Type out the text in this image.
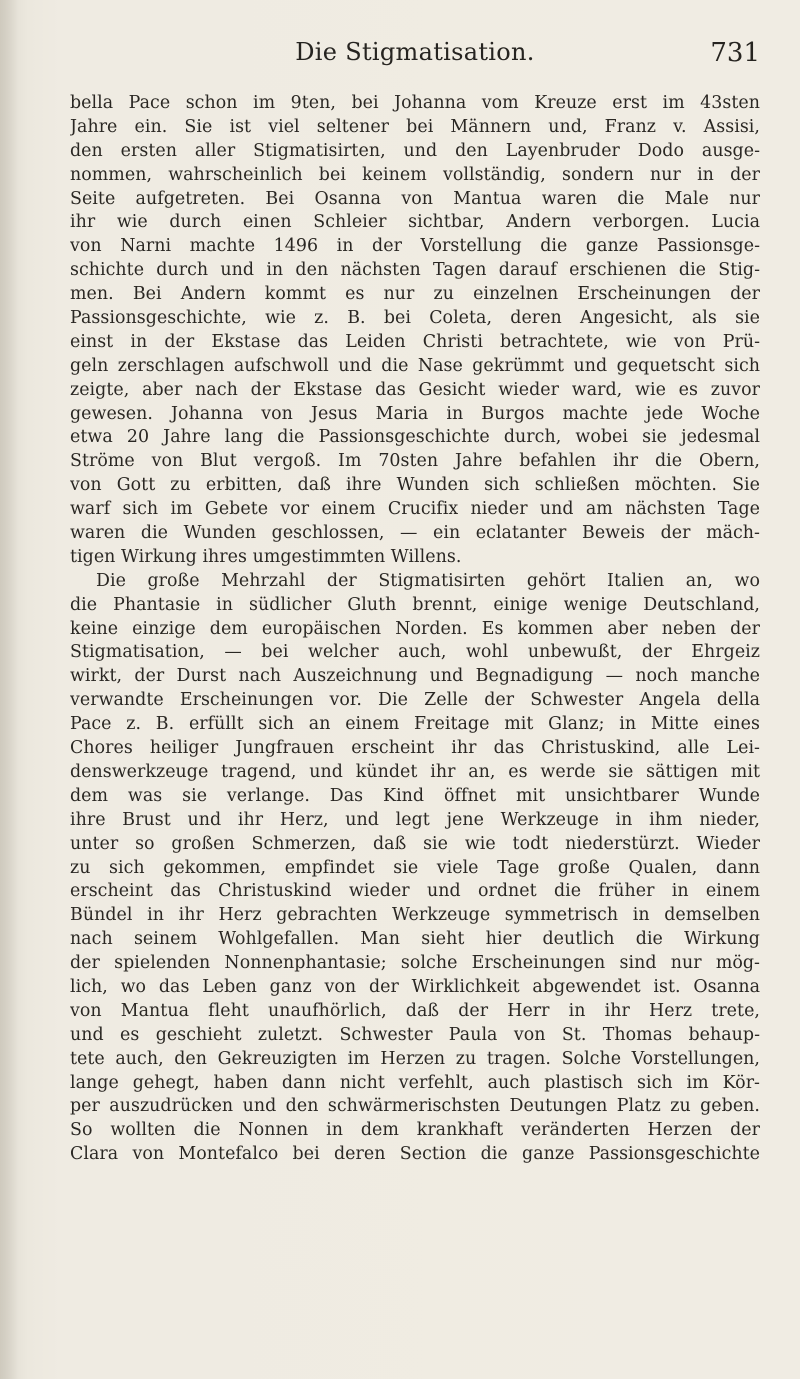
Die Stigmatisation.	731
bella Pace schon im 9ten, bei Johanna vom Kreuze erst im 43sten
Jahre ein. Sie ist viel seltener bei Männern und, Franz v. Assisi,
den ersten aller Stigmatisirten, und den Layenbruder Dodo ausge-
nommen, wahrscheinlich bei keinem vollständig, sondern nur in der
Seite aufgetreten. Bei Osanna von Mantua waren die Male nur
ihr wie durch einen Schleier sichtbar, Andern verborgen. Lucia
von Narni machte 1496 in der Vorstellung die ganze Passionsge-
schichte durch und in den nächsten Tagen darauf erschienen die Stig-
men. Bei Andern kommt es nur zu einzelnen Erscheinungen der
Passionsgeschichte, wie z. B. bei Coleta, deren Angesicht, als sie
einst in der Ekstase das Leiden Christi betrachtete, wie von Prü-
geln zerschlagen aufschwoll und die Nase gekrümmt und gequetscht sich
zeigte, aber nach der Ekstase das Gesicht wieder ward, wie es zuvor
gewesen. Johanna von Jesus Maria in Burgos machte jede Woche
etwa 20 Jahre lang die Passionsgeschichte durch, wobei sie jedesmal
Ströme von Blut vergoß. Im 70sten Jahre befahlen ihr die Obern,
von Gott zu erbitten, daß ihre Wunden sich schließen möchten. Sie
warf sich im Gebete vor einem Crucifix nieder und am nächsten Tage
waren die Wunden geschlossen, — ein eclatanter Beweis der mäch-
tigen Wirkung ihres umgestimmten Willens.
Die große Mehrzahl der Stigmatisirten gehört Italien an, wo
die Phantasie in südlicher Gluth brennt, einige wenige Deutschland,
keine einzige dem europäischen Norden. Es kommen aber neben der
Stigmatisation, — bei welcher auch, wohl unbewußt, der Ehrgeiz
wirkt, der Durst nach Auszeichnung und Begnadigung — noch manche
verwandte Erscheinungen vor. Die Zelle der Schwester Angela della
Pace z. B. erfüllt sich an einem Freitage mit Glanz; in Mitte eines
Chores heiliger Jungfrauen erscheint ihr das Christuskind, alle Lei-
denswerkzeuge tragend, und kündet ihr an, es werde sie sättigen mit
dem was sie verlange. Das Kind öffnet mit unsichtbarer Wunde
ihre Brust und ihr Herz, und legt jene Werkzeuge in ihm nieder,
unter so großen Schmerzen, daß sie wie todt niederstürzt. Wieder
zu sich gekommen, empfindet sie viele Tage große Qualen, dann
erscheint das Christuskind wieder und ordnet die früher in einem
Bündel in ihr Herz gebrachten Werkzeuge symmetrisch in demselben
nach seinem Wohlgefallen. Man sieht hier deutlich die Wirkung
der spielenden Nonnenphantasie; solche Erscheinungen sind nur mög-
lich, wo das Leben ganz von der Wirklichkeit abgewendet ist. Osanna
von Mantua fleht unaufhörlich, daß der Herr in ihr Herz trete,
und es geschieht zuletzt. Schwester Paula von St. Thomas behaup-
tete auch, den Gekreuzigten im Herzen zu tragen. Solche Vorstellungen,
lange gehegt, haben dann nicht verfehlt, auch plastisch sich im Kör-
per auszudrücken und den schwärmerischsten Deutungen Platz zu geben.
So wollten die Nonnen in dem krankhaft veränderten Herzen der
Clara von Montefalco bei deren Section die ganze Passionsgeschichte
